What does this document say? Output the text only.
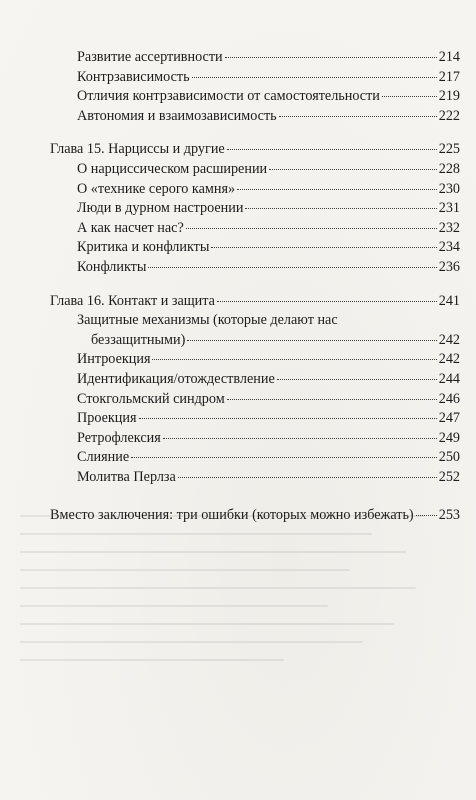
Развитие ассертивности	214
Контрзависимость	217
Отличия контрзависимости от самостоятельности	219
Автономия и взаимозависимость	222
Глава 15. Нарциссы и другие	225
О нарциссическом расширении	228
О «технике серого камня»	230
Люди в дурном настроении	231
А как насчет нас?	232
Критика и конфликты	234
Конфликты	236
Глава 16. Контакт и защита	241
Защитные механизмы (которые делают нас
беззащитными)	242
Интроекция	242
Идентификация/отождествление	244
Стокгольмский синдром	246
Проекция	247
Ретрофлексия	249
Слияние	250
Молитва Перлза	252
Вместо заключения: три ошибки (которых можно избежать) 253
